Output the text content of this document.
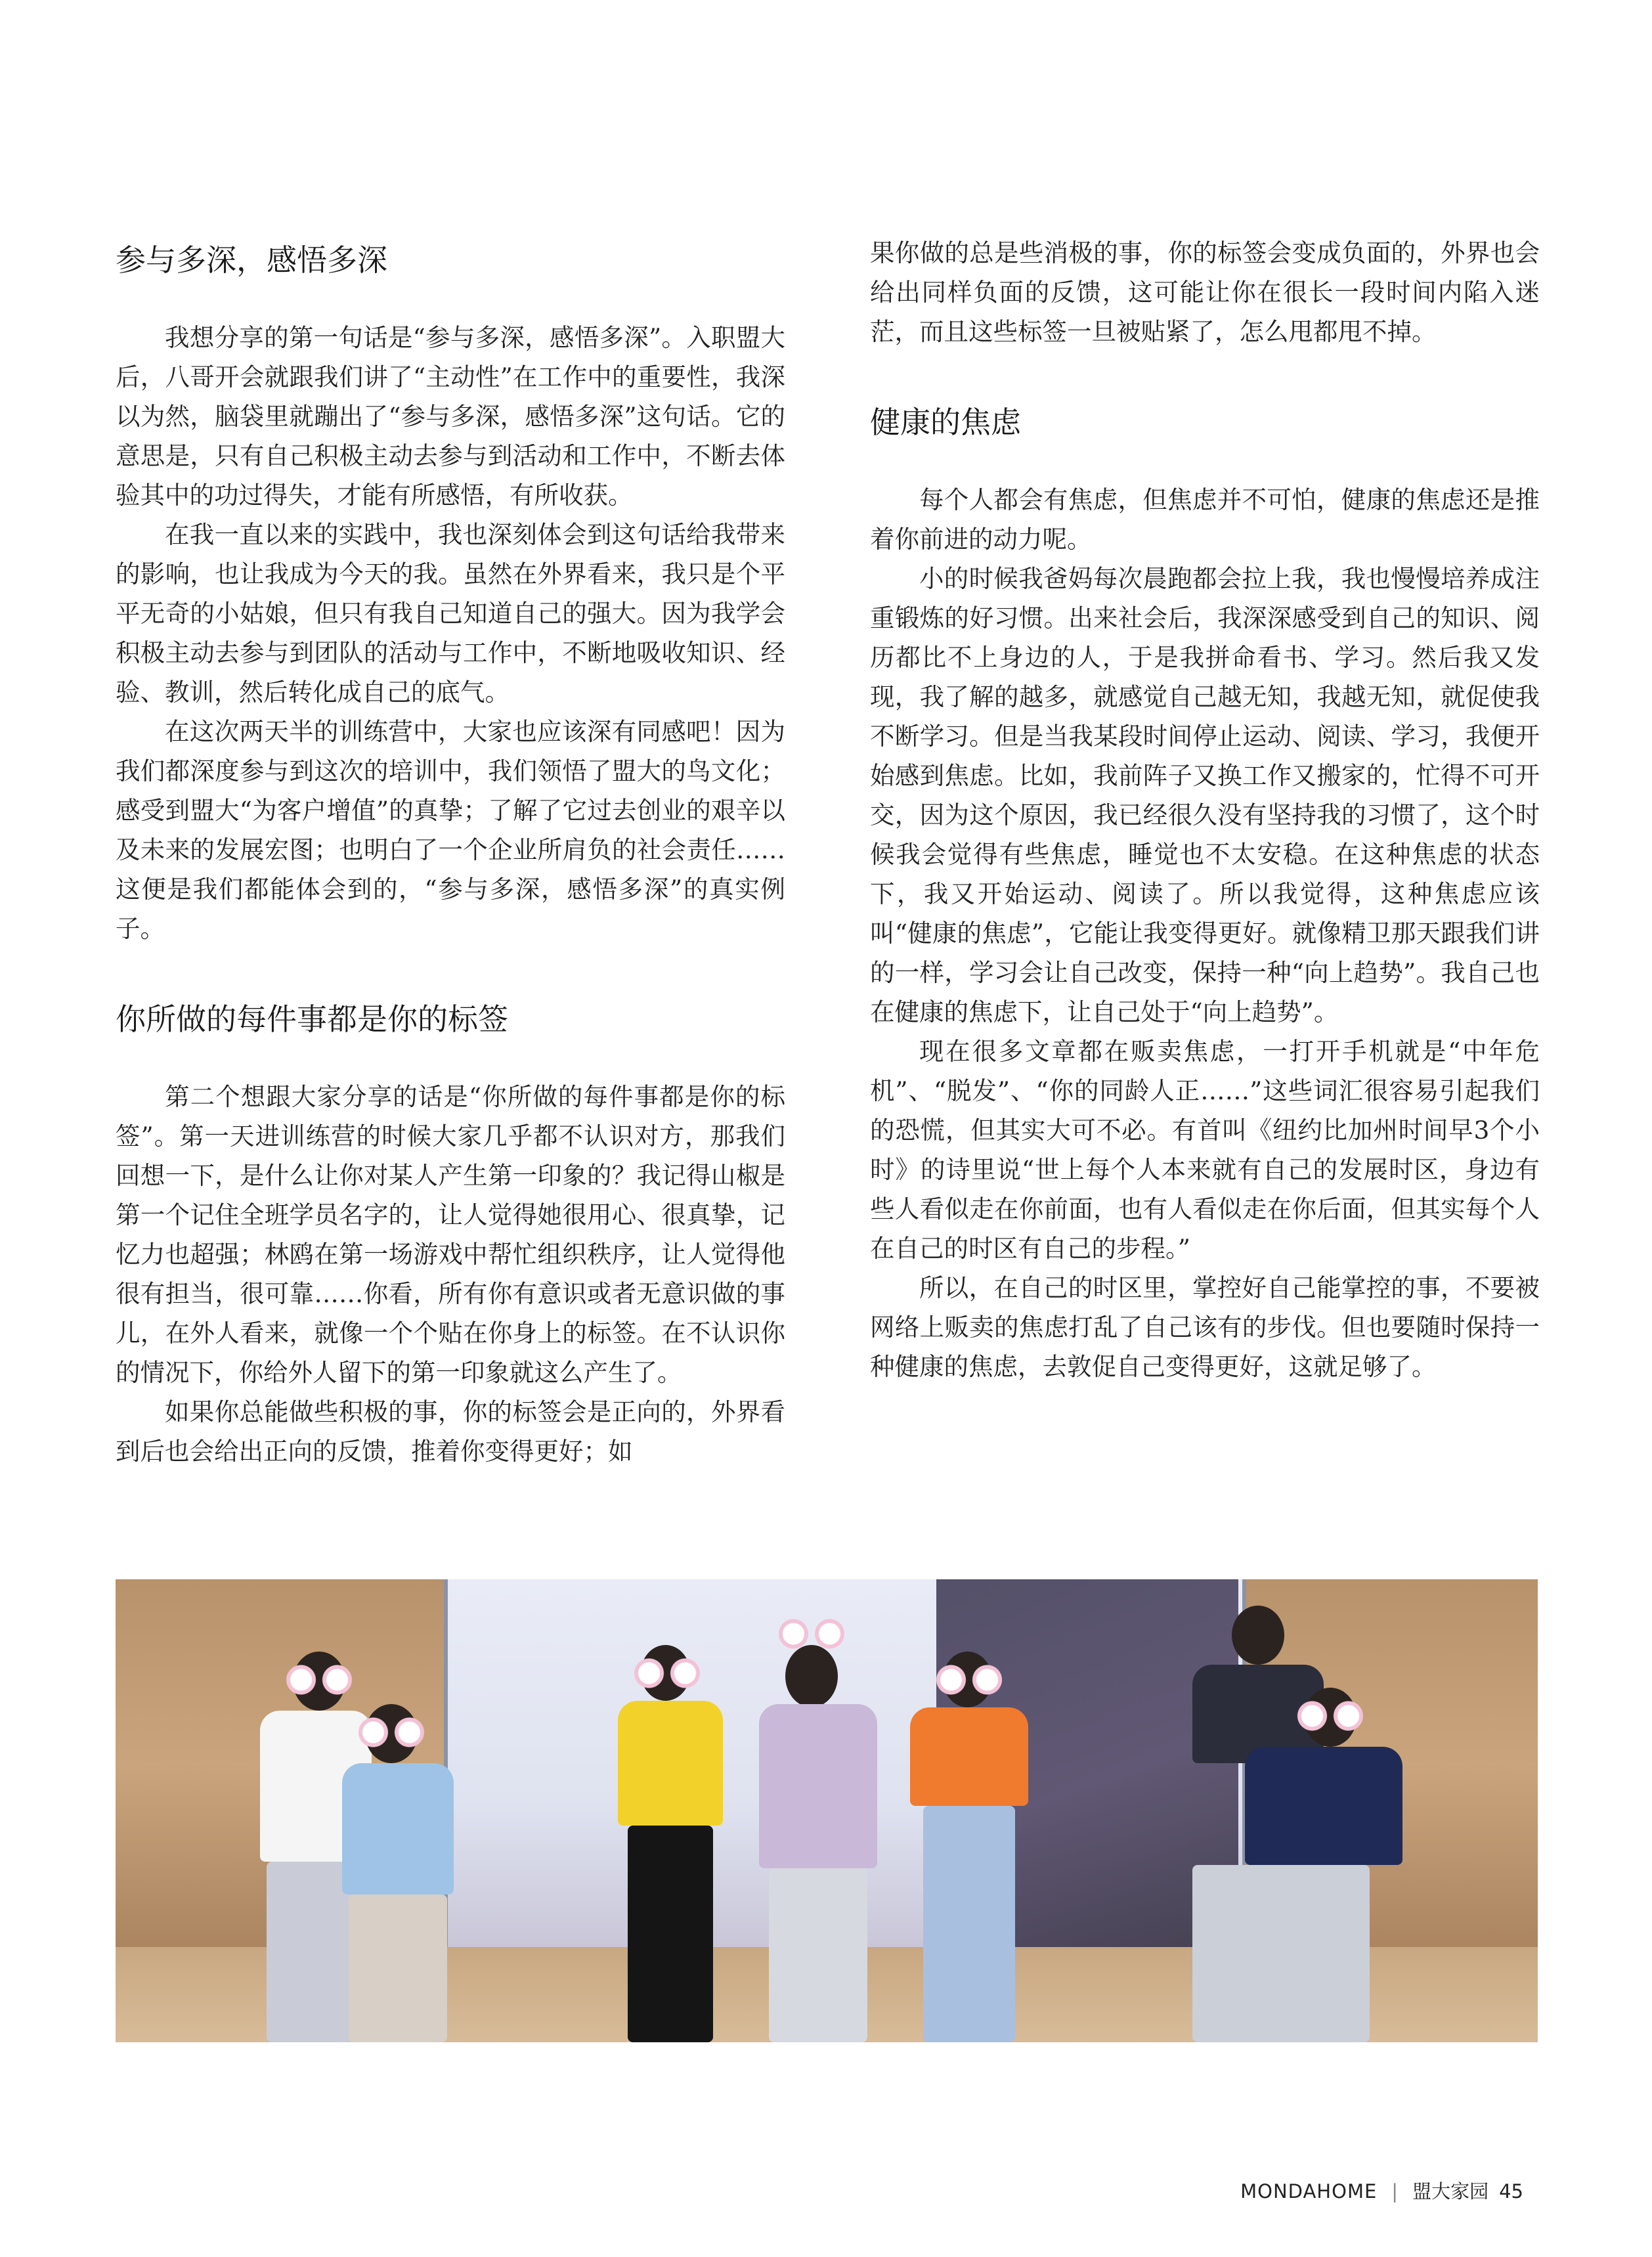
参与多深，感悟多深

我想分享的第一句话是“参与多深，感悟多深”。入职盟大后，八哥开会就跟我们讲了“主动性”在工作中的重要性，我深以为然，脑袋里就蹦出了“参与多深，感悟多深”这句话。它的意思是，只有自己积极主动去参与到活动和工作中，不断去体验其中的功过得失，才能有所感悟，有所收获。

在我一直以来的实践中，我也深刻体会到这句话给我带来的影响，也让我成为今天的我。虽然在外界看来，我只是个平平无奇的小姑娘，但只有我自己知道自己的强大。因为我学会积极主动去参与到团队的活动与工作中，不断地吸收知识、经验、教训，然后转化成自己的底气。

在这次两天半的训练营中，大家也应该深有同感吧！因为我们都深度参与到这次的培训中，我们领悟了盟大的鸟文化；感受到盟大“为客户增值”的真挚；了解了它过去创业的艰辛以及未来的发展宏图；也明白了一个企业所肩负的社会责任……这便是我们都能体会到的，“参与多深，感悟多深”的真实例子。

你所做的每件事都是你的标签

第二个想跟大家分享的话是“你所做的每件事都是你的标签”。第一天进训练营的时候大家几乎都不认识对方，那我们回想一下，是什么让你对某人产生第一印象的？我记得山椒是第一个记住全班学员名字的，让人觉得她很用心、很真挚，记忆力也超强；林鸥在第一场游戏中帮忙组织秩序，让人觉得他很有担当，很可靠……你看，所有你有意识或者无意识做的事儿，在外人看来，就像一个个贴在你身上的标签。在不认识你的情况下，你给外人留下的第一印象就这么产生了。

如果你总能做些积极的事，你的标签会是正向的，外界看到后也会给出正向的反馈，推着你变得更好；如

果你做的总是些消极的事，你的标签会变成负面的，外界也会给出同样负面的反馈，这可能让你在很长一段时间内陷入迷茫，而且这些标签一旦被贴紧了，怎么甩都甩不掉。

健康的焦虑

每个人都会有焦虑，但焦虑并不可怕，健康的焦虑还是推着你前进的动力呢。

小的时候我爸妈每次晨跑都会拉上我，我也慢慢培养成注重锻炼的好习惯。出来社会后，我深深感受到自己的知识、阅历都比不上身边的人，于是我拼命看书、学习。然后我又发现，我了解的越多，就感觉自己越无知，我越无知，就促使我不断学习。但是当我某段时间停止运动、阅读、学习，我便开始感到焦虑。比如，我前阵子又换工作又搬家的，忙得不可开交，因为这个原因，我已经很久没有坚持我的习惯了，这个时候我会觉得有些焦虑，睡觉也不太安稳。在这种焦虑的状态下，我又开始运动、阅读了。所以我觉得，这种焦虑应该叫“健康的焦虑”，它能让我变得更好。就像精卫那天跟我们讲的一样，学习会让自己改变，保持一种“向上趋势”。我自己也在健康的焦虑下，让自己处于“向上趋势”。

现在很多文章都在贩卖焦虑，一打开手机就是“中年危机”、“脱发”、“你的同龄人正……”这些词汇很容易引起我们的恐慌，但其实大可不必。有首叫《纽约比加州时间早3个小时》的诗里说“世上每个人本来就有自己的发展时区，身边有些人看似走在你前面，也有人看似走在你后面，但其实每个人在自己的时区有自己的步程。”

所以，在自己的时区里，掌控好自己能掌控的事，不要被网络上贩卖的焦虑打乱了自己该有的步伐。但也要随时保持一种健康的焦虑，去敦促自己变得更好，这就足够了。

MONDAHOME | 盟大家园 45
